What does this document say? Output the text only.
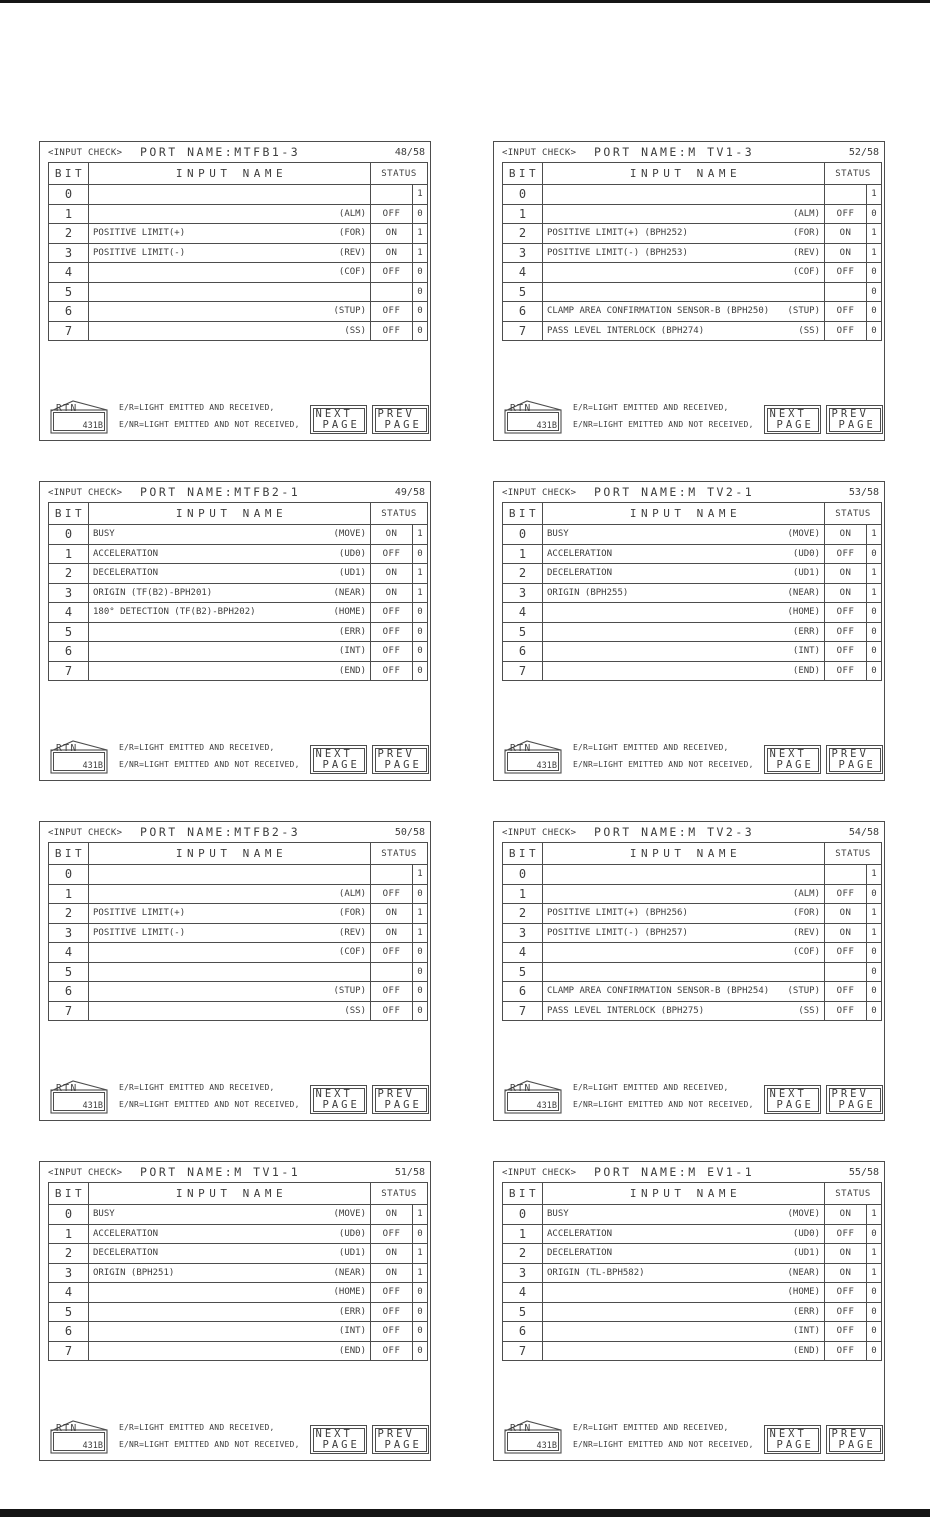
<INPUT CHECK> PORT NAME:MTFB1-3	48/58
BIT	INPUT NAME	STATUS	
0			1
1	(ALM)	OFF	0
2	POSITIVE LIMIT(+) (FOR)	ON	1
3	POSITIVE LIMIT(-) (REV)	ON	1
4	(COF)	OFF	0
5			0
6	(STUP)	OFF	0
7	(SS)	OFF	0
RTN
431B
E/R=LIGHT EMITTED AND RECEIVED,
E/NR=LIGHT EMITTED AND NOT RECEIVED,
NEXT
PAGE
PREV
PAGE
<INPUT CHECK> PORT NAME:M TV1-3	52/58
BIT	INPUT NAME	STATUS	
0			1
1	(ALM)	OFF	0
2	POSITIVE LIMIT(+) (BPH252) (FOR)	ON	1
3	POSITIVE LIMIT(-) (BPH253) (REV)	ON	1
4	(COF)	OFF	0
5			0
6	CLAMP AREA CONFIRMATION SENSOR-B (BPH250) (STUP)	OFF	0
7	PASS LEVEL INTERLOCK (BPH274) (SS)	OFF	0
RTN
431B
E/R=LIGHT EMITTED AND RECEIVED,
E/NR=LIGHT EMITTED AND NOT RECEIVED,
NEXT
PAGE
PREV
PAGE
<INPUT CHECK> PORT NAME:MTFB2-1	49/58
BIT	INPUT NAME	STATUS	
0	BUSY (MOVE)	ON	1
1	ACCELERATION (UD0)	OFF	0
2	DECELERATION (UD1)	ON	1
3	ORIGIN (TF(B2)-BPH201) (NEAR)	ON	1
4	180° DETECTION (TF(B2)-BPH202) (HOME)	OFF	0
5	(ERR)	OFF	0
6	(INT)	OFF	0
7	(END)	OFF	0
RTN
431B
E/R=LIGHT EMITTED AND RECEIVED,
E/NR=LIGHT EMITTED AND NOT RECEIVED,
NEXT
PAGE
PREV
PAGE
<INPUT CHECK> PORT NAME:M TV2-1	53/58
BIT	INPUT NAME	STATUS	
0	BUSY (MOVE)	ON	1
1	ACCELERATION (UD0)	OFF	0
2	DECELERATION (UD1)	ON	1
3	ORIGIN (BPH255) (NEAR)	ON	1
4	(HOME)	OFF	0
5	(ERR)	OFF	0
6	(INT)	OFF	0
7	(END)	OFF	0
RTN
431B
E/R=LIGHT EMITTED AND RECEIVED,
E/NR=LIGHT EMITTED AND NOT RECEIVED,
NEXT
PAGE
PREV
PAGE
<INPUT CHECK> PORT NAME:MTFB2-3	50/58
BIT	INPUT NAME	STATUS	
0			1
1	(ALM)	OFF	0
2	POSITIVE LIMIT(+) (FOR)	ON	1
3	POSITIVE LIMIT(-) (REV)	ON	1
4	(COF)	OFF	0
5			0
6	(STUP)	OFF	0
7	(SS)	OFF	0
RTN
431B
E/R=LIGHT EMITTED AND RECEIVED,
E/NR=LIGHT EMITTED AND NOT RECEIVED,
NEXT
PAGE
PREV
PAGE
<INPUT CHECK> PORT NAME:M TV2-3	54/58
BIT	INPUT NAME	STATUS	
0			1
1	(ALM)	OFF	0
2	POSITIVE LIMIT(+) (BPH256) (FOR)	ON	1
3	POSITIVE LIMIT(-) (BPH257) (REV)	ON	1
4	(COF)	OFF	0
5			0
6	CLAMP AREA CONFIRMATION SENSOR-B (BPH254) (STUP)	OFF	0
7	PASS LEVEL INTERLOCK (BPH275) (SS)	OFF	0
RTN
431B
E/R=LIGHT EMITTED AND RECEIVED,
E/NR=LIGHT EMITTED AND NOT RECEIVED,
NEXT
PAGE
PREV
PAGE
<INPUT CHECK> PORT NAME:M TV1-1	51/58
BIT	INPUT NAME	STATUS	
0	BUSY (MOVE)	ON	1
1	ACCELERATION (UD0)	OFF	0
2	DECELERATION (UD1)	ON	1
3	ORIGIN (BPH251) (NEAR)	ON	1
4	(HOME)	OFF	0
5	(ERR)	OFF	0
6	(INT)	OFF	0
7	(END)	OFF	0
RTN
431B
E/R=LIGHT EMITTED AND RECEIVED,
E/NR=LIGHT EMITTED AND NOT RECEIVED,
NEXT
PAGE
PREV
PAGE
<INPUT CHECK> PORT NAME:M EV1-1	55/58
BIT	INPUT NAME	STATUS	
0	BUSY (MOVE)	ON	1
1	ACCELERATION (UD0)	OFF	0
2	DECELERATION (UD1)	ON	1
3	ORIGIN (TL-BPH582) (NEAR)	ON	1
4	(HOME)	OFF	0
5	(ERR)	OFF	0
6	(INT)	OFF	0
7	(END)	OFF	0
RTN
431B
E/R=LIGHT EMITTED AND RECEIVED,
E/NR=LIGHT EMITTED AND NOT RECEIVED,
NEXT
PAGE
PREV
PAGE
